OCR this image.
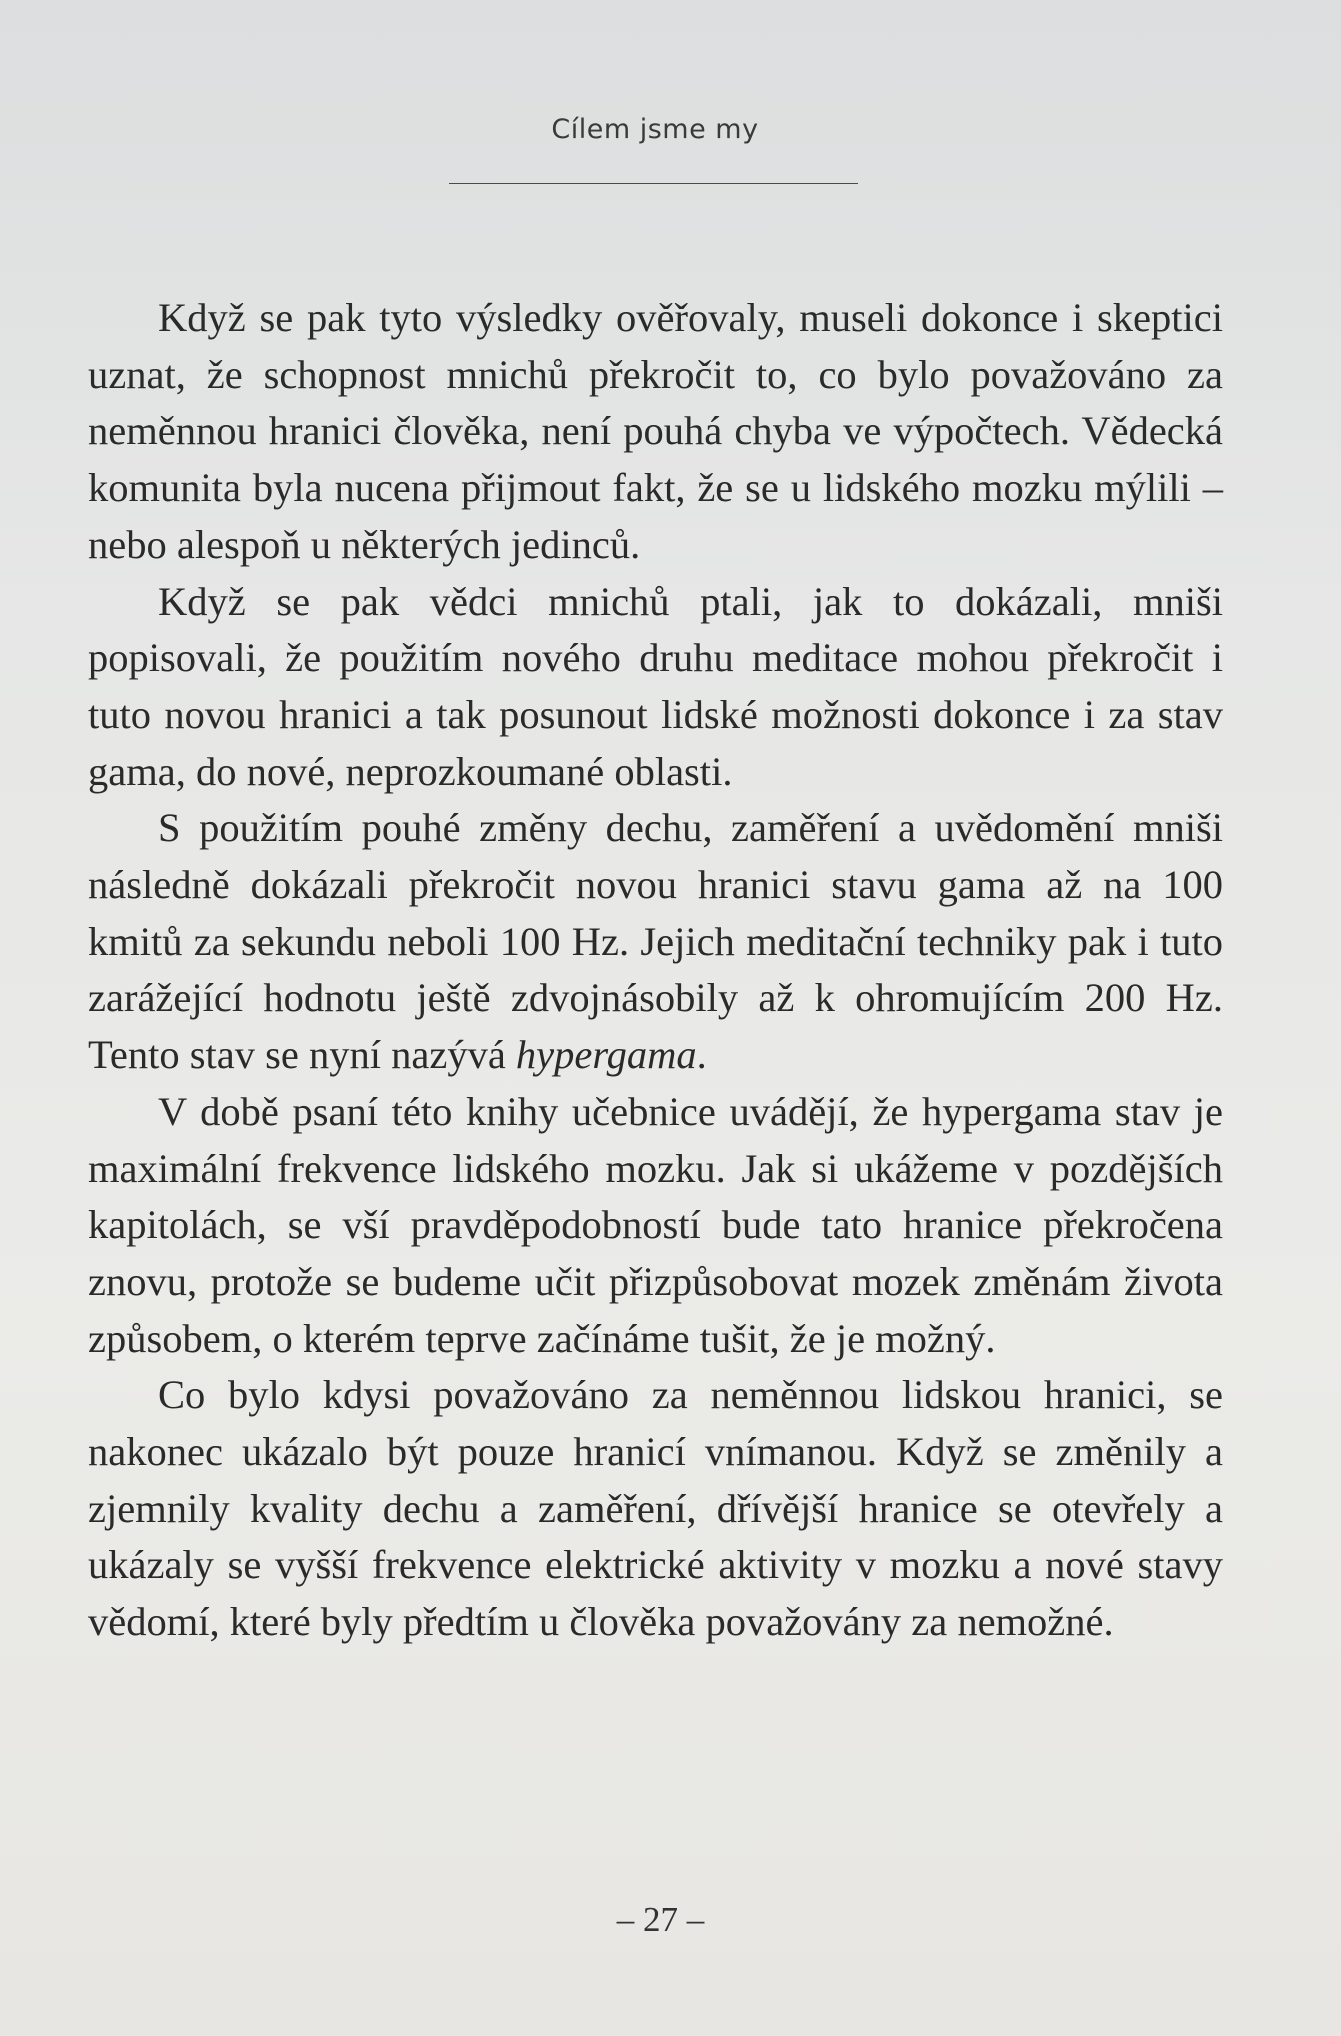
Cílem jsme my

Když se pak tyto výsledky ověřovaly, museli dokonce i skeptici uznat, že schopnost mnichů překročit to, co bylo považováno za neměnnou hranici člověka, není pouhá chyba ve výpočtech. Vědecká komunita byla nucena přijmout fakt, že se u lidského mozku mýlili – nebo alespoň u některých jedinců.

Když se pak vědci mnichů ptali, jak to dokázali, mniši popisovali, že použitím nového druhu meditace mohou překročit i tuto novou hranici a tak posunout lidské možnosti dokonce i za stav gama, do nové, neprozkoumané oblasti.

S použitím pouhé změny dechu, zaměření a uvědomění mniši následně dokázali překročit novou hranici stavu gama až na 100 kmitů za sekundu neboli 100 Hz. Jejich meditační techniky pak i tuto zarážející hodnotu ještě zdvojnásobily až k ohromujícím 200 Hz. Tento stav se nyní nazývá hypergama.

V době psaní této knihy učebnice uvádějí, že hypergama stav je maximální frekvence lidského mozku. Jak si ukážeme v pozdějších kapitolách, se vší pravděpodobností bude tato hranice překročena znovu, protože se budeme učit přizpůsobovat mozek změnám života způsobem, o kterém teprve začínáme tušit, že je možný.

Co bylo kdysi považováno za neměnnou lidskou hranici, se nakonec ukázalo být pouze hranicí vnímanou. Když se změnily a zjemnily kvality dechu a zaměření, dřívější hranice se otevřely a ukázaly se vyšší frekvence elektrické aktivity v mozku a nové stavy vědomí, které byly předtím u člověka považovány za nemožné.

– 27 –
